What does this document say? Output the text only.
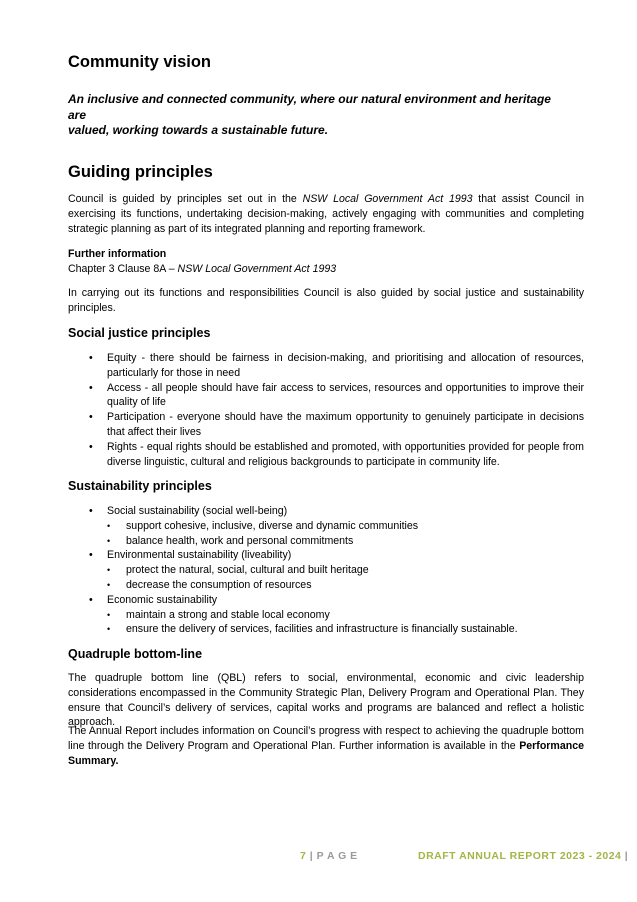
Community vision

An inclusive and connected community, where our natural environment and heritage are
valued, working towards a sustainable future.

Guiding principles

Council is guided by principles set out in the NSW Local Government Act 1993 that assist Council in exercising its functions, undertaking decision-making, actively engaging with communities and completing strategic planning as part of its integrated planning and reporting framework.

Further information
Chapter 3 Clause 8A – NSW Local Government Act 1993

In carrying out its functions and responsibilities Council is also guided by social justice and sustainability principles.

Social justice principles
• Equity - there should be fairness in decision-making, and prioritising and allocation of resources, particularly for those in need
• Access - all people should have fair access to services, resources and opportunities to improve their quality of life
• Participation - everyone should have the maximum opportunity to genuinely participate in decisions that affect their lives
• Rights - equal rights should be established and promoted, with opportunities provided for people from diverse linguistic, cultural and religious backgrounds to participate in community life.
Sustainability principles
• Social sustainability (social well-being)
• support cohesive, inclusive, diverse and dynamic communities
• balance health, work and personal commitments
• Environmental sustainability (liveability)
• protect the natural, social, cultural and built heritage
• decrease the consumption of resources
• Economic sustainability
• maintain a strong and stable local economy
• ensure the delivery of services, facilities and infrastructure is financially sustainable.
Quadruple bottom-line

The quadruple bottom line (QBL) refers to social, environmental, economic and civic leadership considerations encompassed in the Community Strategic Plan, Delivery Program and Operational Plan. They ensure that Council’s delivery of services, capital works and programs are balanced and reflect a holistic approach.

The Annual Report includes information on Council’s progress with respect to achieving the quadruple bottom line through the Delivery Program and Operational Plan. Further information is available in the Performance Summary.

7 | P A G E	DRAFT ANNUAL REPORT 2023 - 2024 |
